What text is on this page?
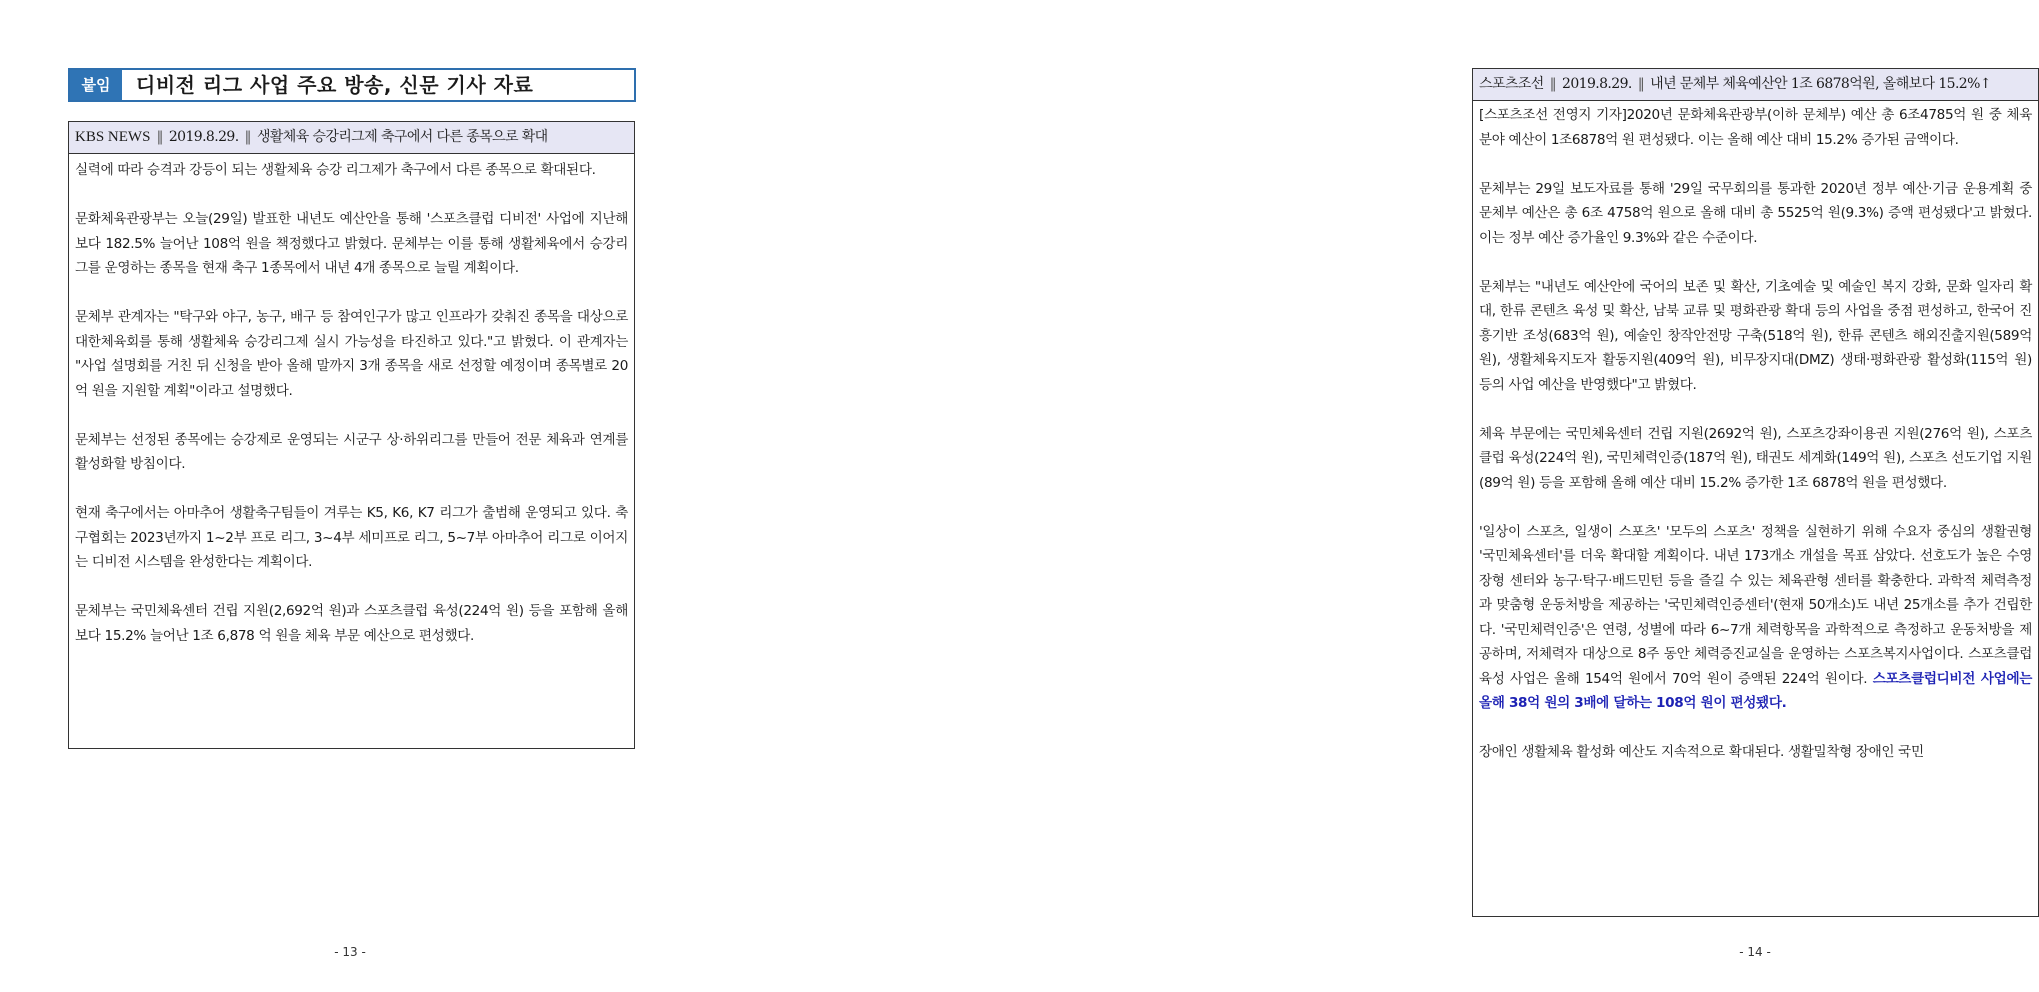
붙임	디비전 리그 사업 주요 방송, 신문 기사 자료
KBS NEWS ‖ 2019.8.29. ‖ 생활체육 승강리그제 축구에서 다른 종목으로 확대

실력에 따라 승격과 강등이 되는 생활체육 승강 리그제가 축구에서 다른 종목으로 확대된다.

문화체육관광부는 오늘(29일) 발표한 내년도 예산안을 통해 '스포츠클럽 디비전' 사업에 지난해보다 182.5% 늘어난 108억 원을 책정했다고 밝혔다. 문체부는 이를 통해 생활체육에서 승강리그를 운영하는 종목을 현재 축구 1종목에서 내년 4개 종목으로 늘릴 계획이다.

문체부 관계자는 "탁구와 야구, 농구, 배구 등 참여인구가 많고 인프라가 갖춰진 종목을 대상으로 대한체육회를 통해 생활체육 승강리그제 실시 가능성을 타진하고 있다."고 밝혔다. 이 관계자는 "사업 설명회를 거친 뒤 신청을 받아 올해 말까지 3개 종목을 새로 선정할 예정이며 종목별로 20억 원을 지원할 계획"이라고 설명했다.

문체부는 선정된 종목에는 승강제로 운영되는 시군구 상·하위리그를 만들어 전문 체육과 연계를 활성화할 방침이다.

현재 축구에서는 아마추어 생활축구팀들이 겨루는 K5, K6, K7 리그가 출범해 운영되고 있다. 축구협회는 2023년까지 1~2부 프로 리그, 3~4부 세미프로 리그, 5~7부 아마추어 리그로 이어지는 디비전 시스템을 완성한다는 계획이다.

문체부는 국민체육센터 건립 지원(2,692억 원)과 스포츠클럽 육성(224억 원) 등을 포함해 올해보다 15.2% 늘어난 1조 6,878 억 원을 체육 부문 예산으로 편성했다.

- 13 -
스포츠조선 ‖ 2019.8.29. ‖ 내년 문체부 체육예산안 1조 6878억원, 올해보다 15.2%↑

[스포츠조선 전영지 기자]2020년 문화체육관광부(이하 문체부) 예산 총 6조4785억 원 중 체육분야 예산이 1조6878억 원 편성됐다. 이는 올해 예산 대비 15.2% 증가된 금액이다.

문체부는 29일 보도자료를 통해 '29일 국무회의를 통과한 2020년 정부 예산·기금 운용계획 중 문체부 예산은 총 6조 4758억 원으로 올해 대비 총 5525억 원(9.3%) 증액 편성됐다'고 밝혔다. 이는 정부 예산 증가율인 9.3%와 같은 수준이다.

문체부는 "내년도 예산안에 국어의 보존 및 확산, 기초예술 및 예술인 복지 강화, 문화 일자리 확대, 한류 콘텐츠 육성 및 확산, 남북 교류 및 평화관광 확대 등의 사업을 중점 편성하고, 한국어 진흥기반 조성(683억 원), 예술인 창작안전망 구축(518억 원), 한류 콘텐츠 해외진출지원(589억 원), 생활체육지도자 활동지원(409억 원), 비무장지대(DMZ) 생태·평화관광 활성화(115억 원) 등의 사업 예산을 반영했다"고 밝혔다.

체육 부문에는 국민체육센터 건립 지원(2692억 원), 스포츠강좌이용권 지원(276억 원), 스포츠클럽 육성(224억 원), 국민체력인증(187억 원), 태권도 세계화(149억 원), 스포츠 선도기업 지원(89억 원) 등을 포함해 올해 예산 대비 15.2% 증가한 1조 6878억 원을 편성했다.

'일상이 스포츠, 일생이 스포츠' '모두의 스포츠' 정책을 실현하기 위해 수요자 중심의 생활권형 '국민체육센터'를 더욱 확대할 계획이다. 내년 173개소 개설을 목표 삼았다. 선호도가 높은 수영장형 센터와 농구·탁구·배드민턴 등을 즐길 수 있는 체육관형 센터를 확충한다. 과학적 체력측정과 맞춤형 운동처방을 제공하는 '국민체력인증센터'(현재 50개소)도 내년 25개소를 추가 건립한다. '국민체력인증'은 연령, 성별에 따라 6~7개 체력항목을 과학적으로 측정하고 운동처방을 제공하며, 저체력자 대상으로 8주 동안 체력증진교실을 운영하는 스포츠복지사업이다. 스포츠클럽 육성 사업은 올해 154억 원에서 70억 원이 증액된 224억 원이다. 스포츠클럽디비전 사업에는 올해 38억 원의 3배에 달하는 108억 원이 편성됐다.

장애인 생활체육 활성화 예산도 지속적으로 확대된다. 생활밀착형 장애인 국민

- 14 -
